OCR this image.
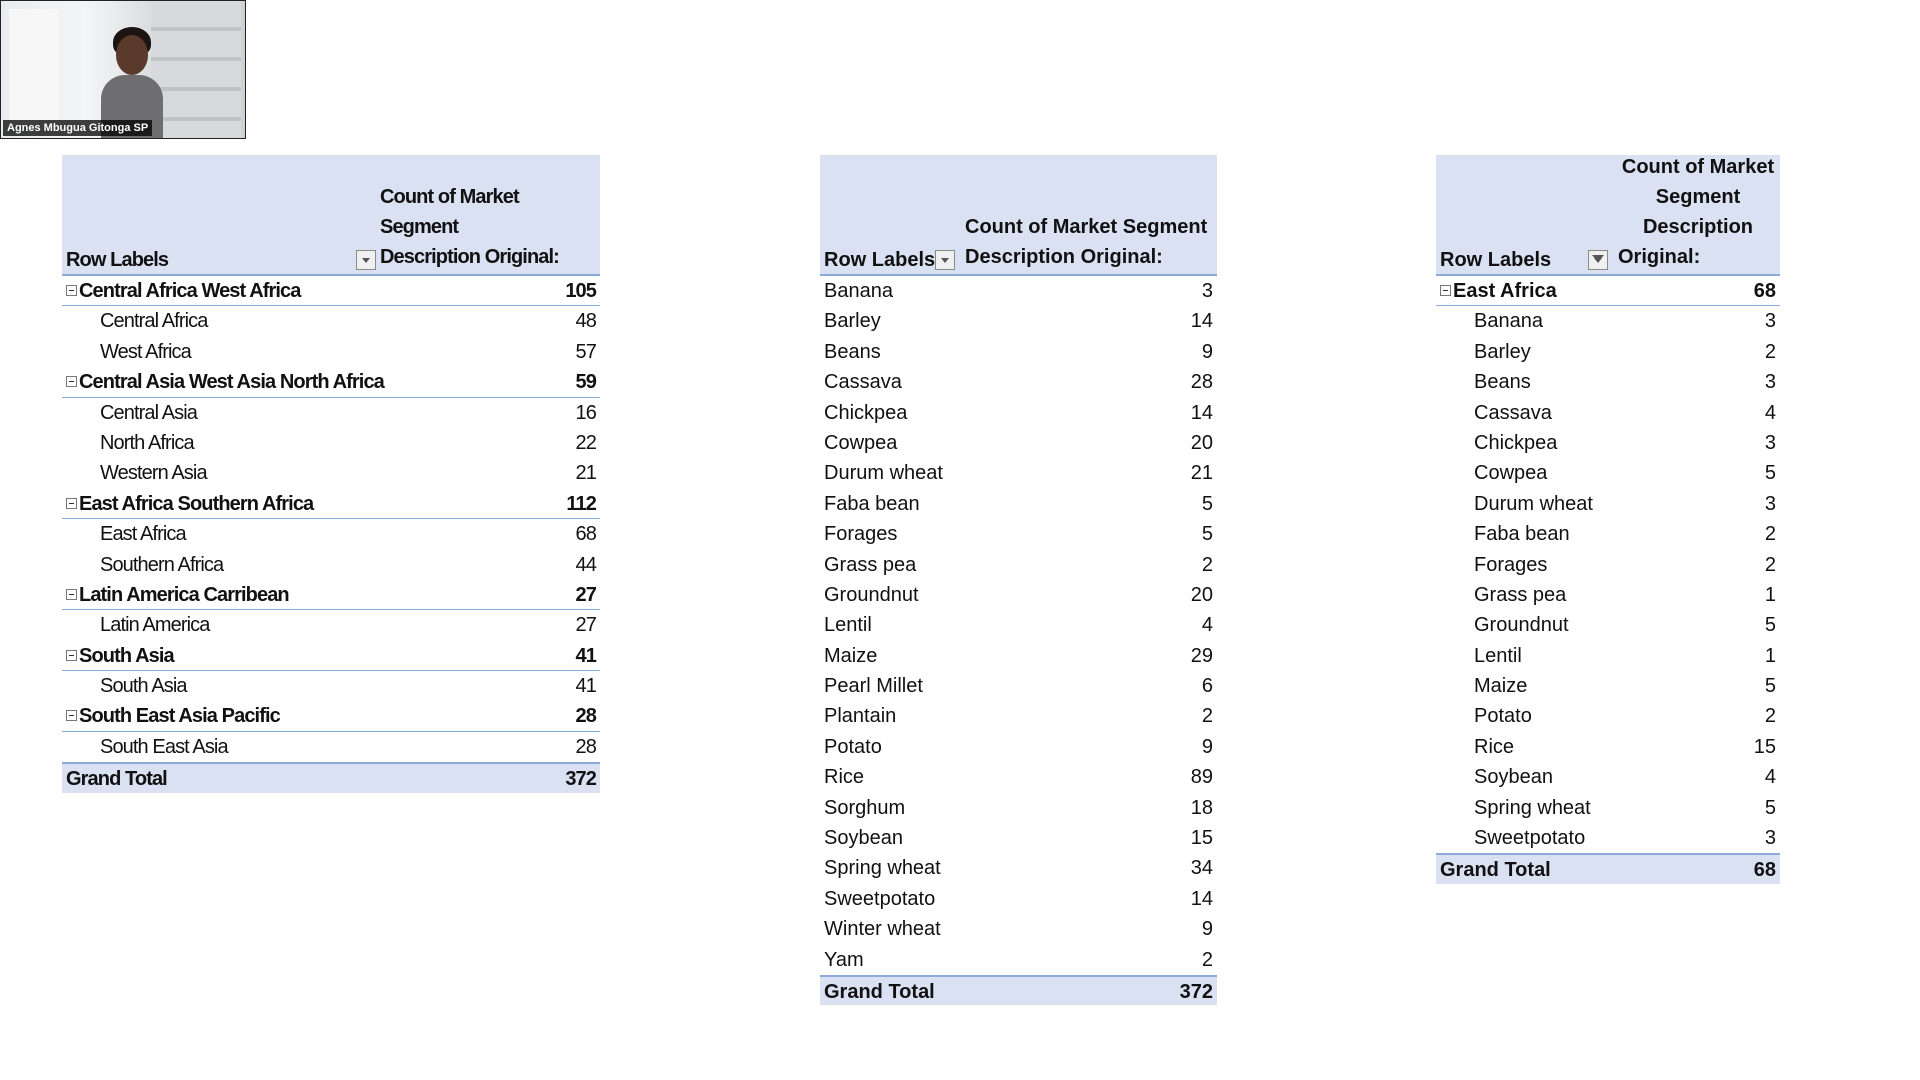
Agnes Mbugua Gitonga SP
Row Labels
Count of Market Segment
Description Original:
Central Africa West Africa	105
Central Africa	48
West Africa	57
Central Asia West Asia North Africa	59
Central Asia	16
North Africa	22
Western Asia	21
East Africa Southern Africa	112
East Africa	68
Southern Africa	44
Latin America Carribean	27
Latin America	27
South Asia	41
South Asia	41
South East Asia Pacific	28
South East Asia	28
Grand Total	372
Row Labels
Count of Market Segment
Description Original:
Banana	3
Barley	14
Beans	9
Cassava	28
Chickpea	14
Cowpea	20
Durum wheat	21
Faba bean	5
Forages	5
Grass pea	2
Groundnut	20
Lentil	4
Maize	29
Pearl Millet	6
Plantain	2
Potato	9
Rice	89
Sorghum	18
Soybean	15
Spring wheat	34
Sweetpotato	14
Winter wheat	9
Yam	2
Grand Total	372
Row Labels
Count of Market
Segment
Description
Original:
East Africa	68
Banana	3
Barley	2
Beans	3
Cassava	4
Chickpea	3
Cowpea	5
Durum wheat	3
Faba bean	2
Forages	2
Grass pea	1
Groundnut	5
Lentil	1
Maize	5
Potato	2
Rice	15
Soybean	4
Spring wheat	5
Sweetpotato	3
Grand Total	68
